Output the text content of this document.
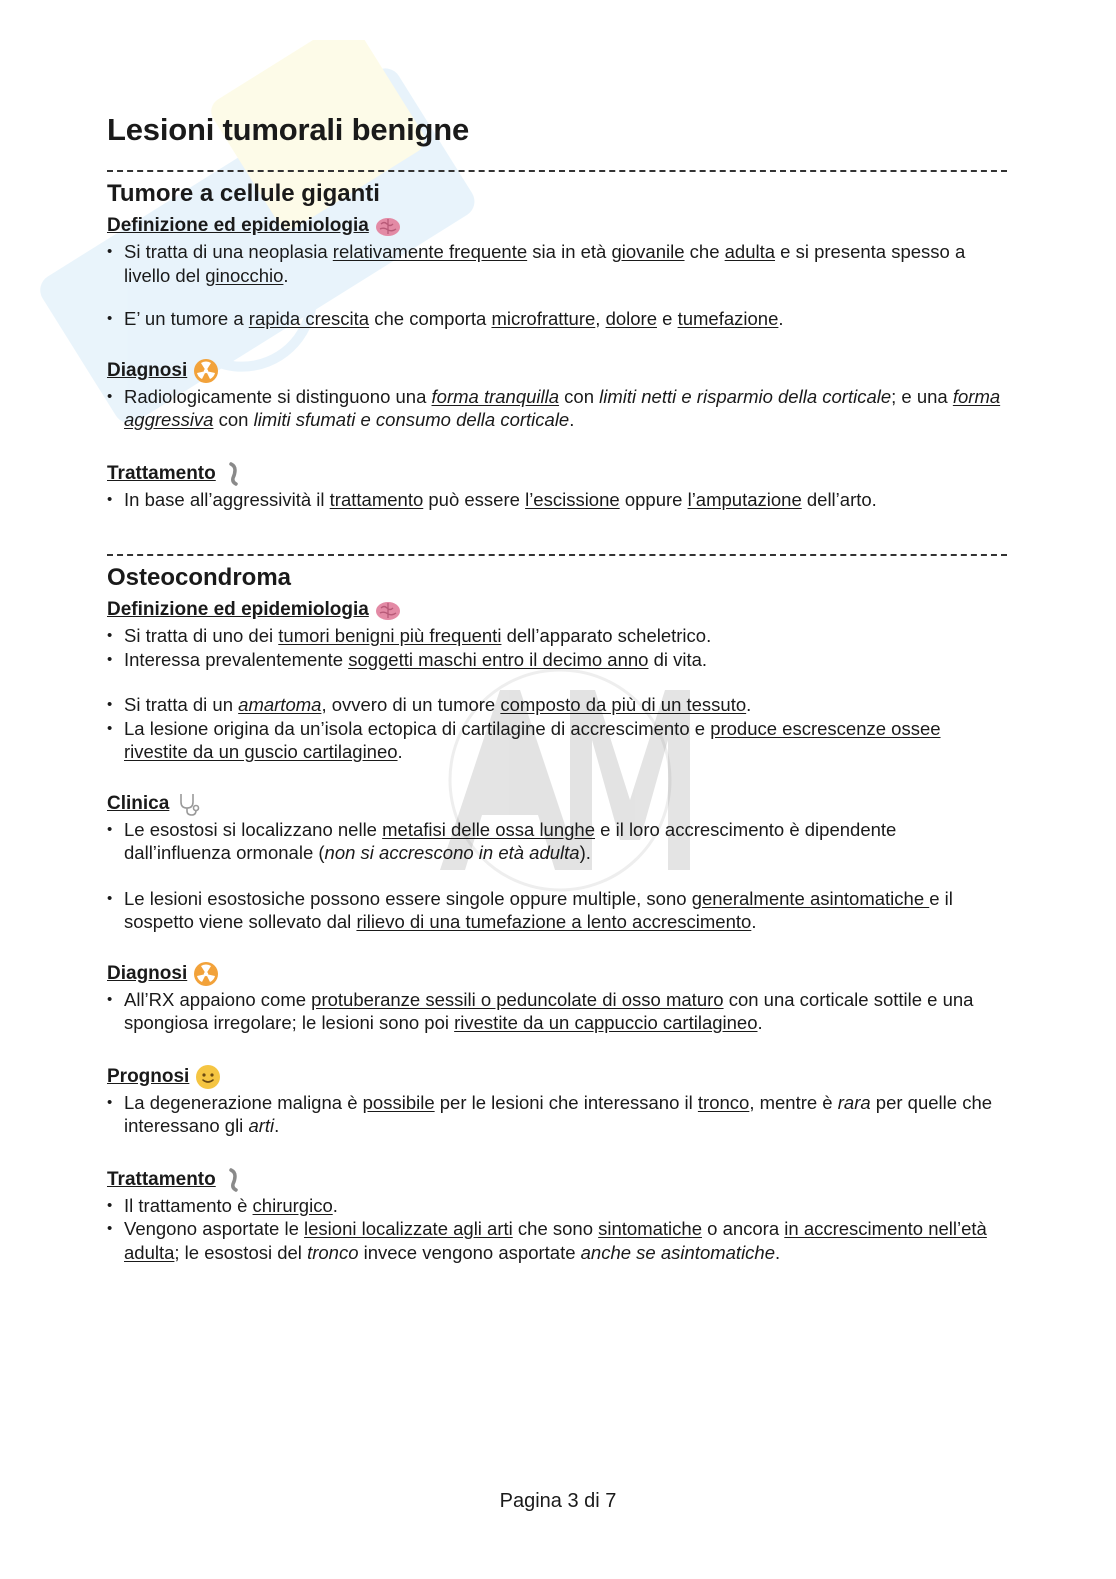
Lesioni tumorali benigne
Tumore a cellule giganti
Definizione ed epidemiologia
• Si tratta di una neoplasia relativamente frequente sia in età giovanile che adulta e si presenta spesso a livello del ginocchio.
• E’ un tumore a rapida crescita che comporta microfratture, dolore e tumefazione.
Diagnosi
• Radiologicamente si distinguono una forma tranquilla con limiti netti e risparmio della corticale; e una forma aggressiva con limiti sfumati e consumo della corticale.
Trattamento
• In base all’aggressività il trattamento può essere l’escissione oppure l’amputazione dell’arto.
Osteocondroma
Definizione ed epidemiologia
• Si tratta di uno dei tumori benigni più frequenti dell’apparato scheletrico.
• Interessa prevalentemente soggetti maschi entro il decimo anno di vita.
• Si tratta di un amartoma, ovvero di un tumore composto da più di un tessuto.
• La lesione origina da un’isola ectopica di cartilagine di accrescimento e produce escrescenze ossee rivestite da un guscio cartilagineo.
Clinica
• Le esostosi si localizzano nelle metafisi delle ossa lunghe e il loro accrescimento è dipendente dall’influenza ormonale (non si accrescono in età adulta).
• Le lesioni esostosiche possono essere singole oppure multiple, sono generalmente asintomatiche e il sospetto viene sollevato dal rilievo di una tumefazione a lento accrescimento.
Diagnosi
• All’RX appaiono come protuberanze sessili o peduncolate di osso maturo con una corticale sottile e una spongiosa irregolare; le lesioni sono poi rivestite da un cappuccio cartilagineo.
Prognosi
• La degenerazione maligna è possibile per le lesioni che interessano il tronco, mentre è rara per quelle che interessano gli arti.
Trattamento
• Il trattamento è chirurgico.
• Vengono asportate le lesioni localizzate agli arti che sono sintomatiche o ancora in accrescimento nell’età adulta; le esostosi del tronco invece vengono asportate anche se asintomatiche.
Pagina 3 di 7
